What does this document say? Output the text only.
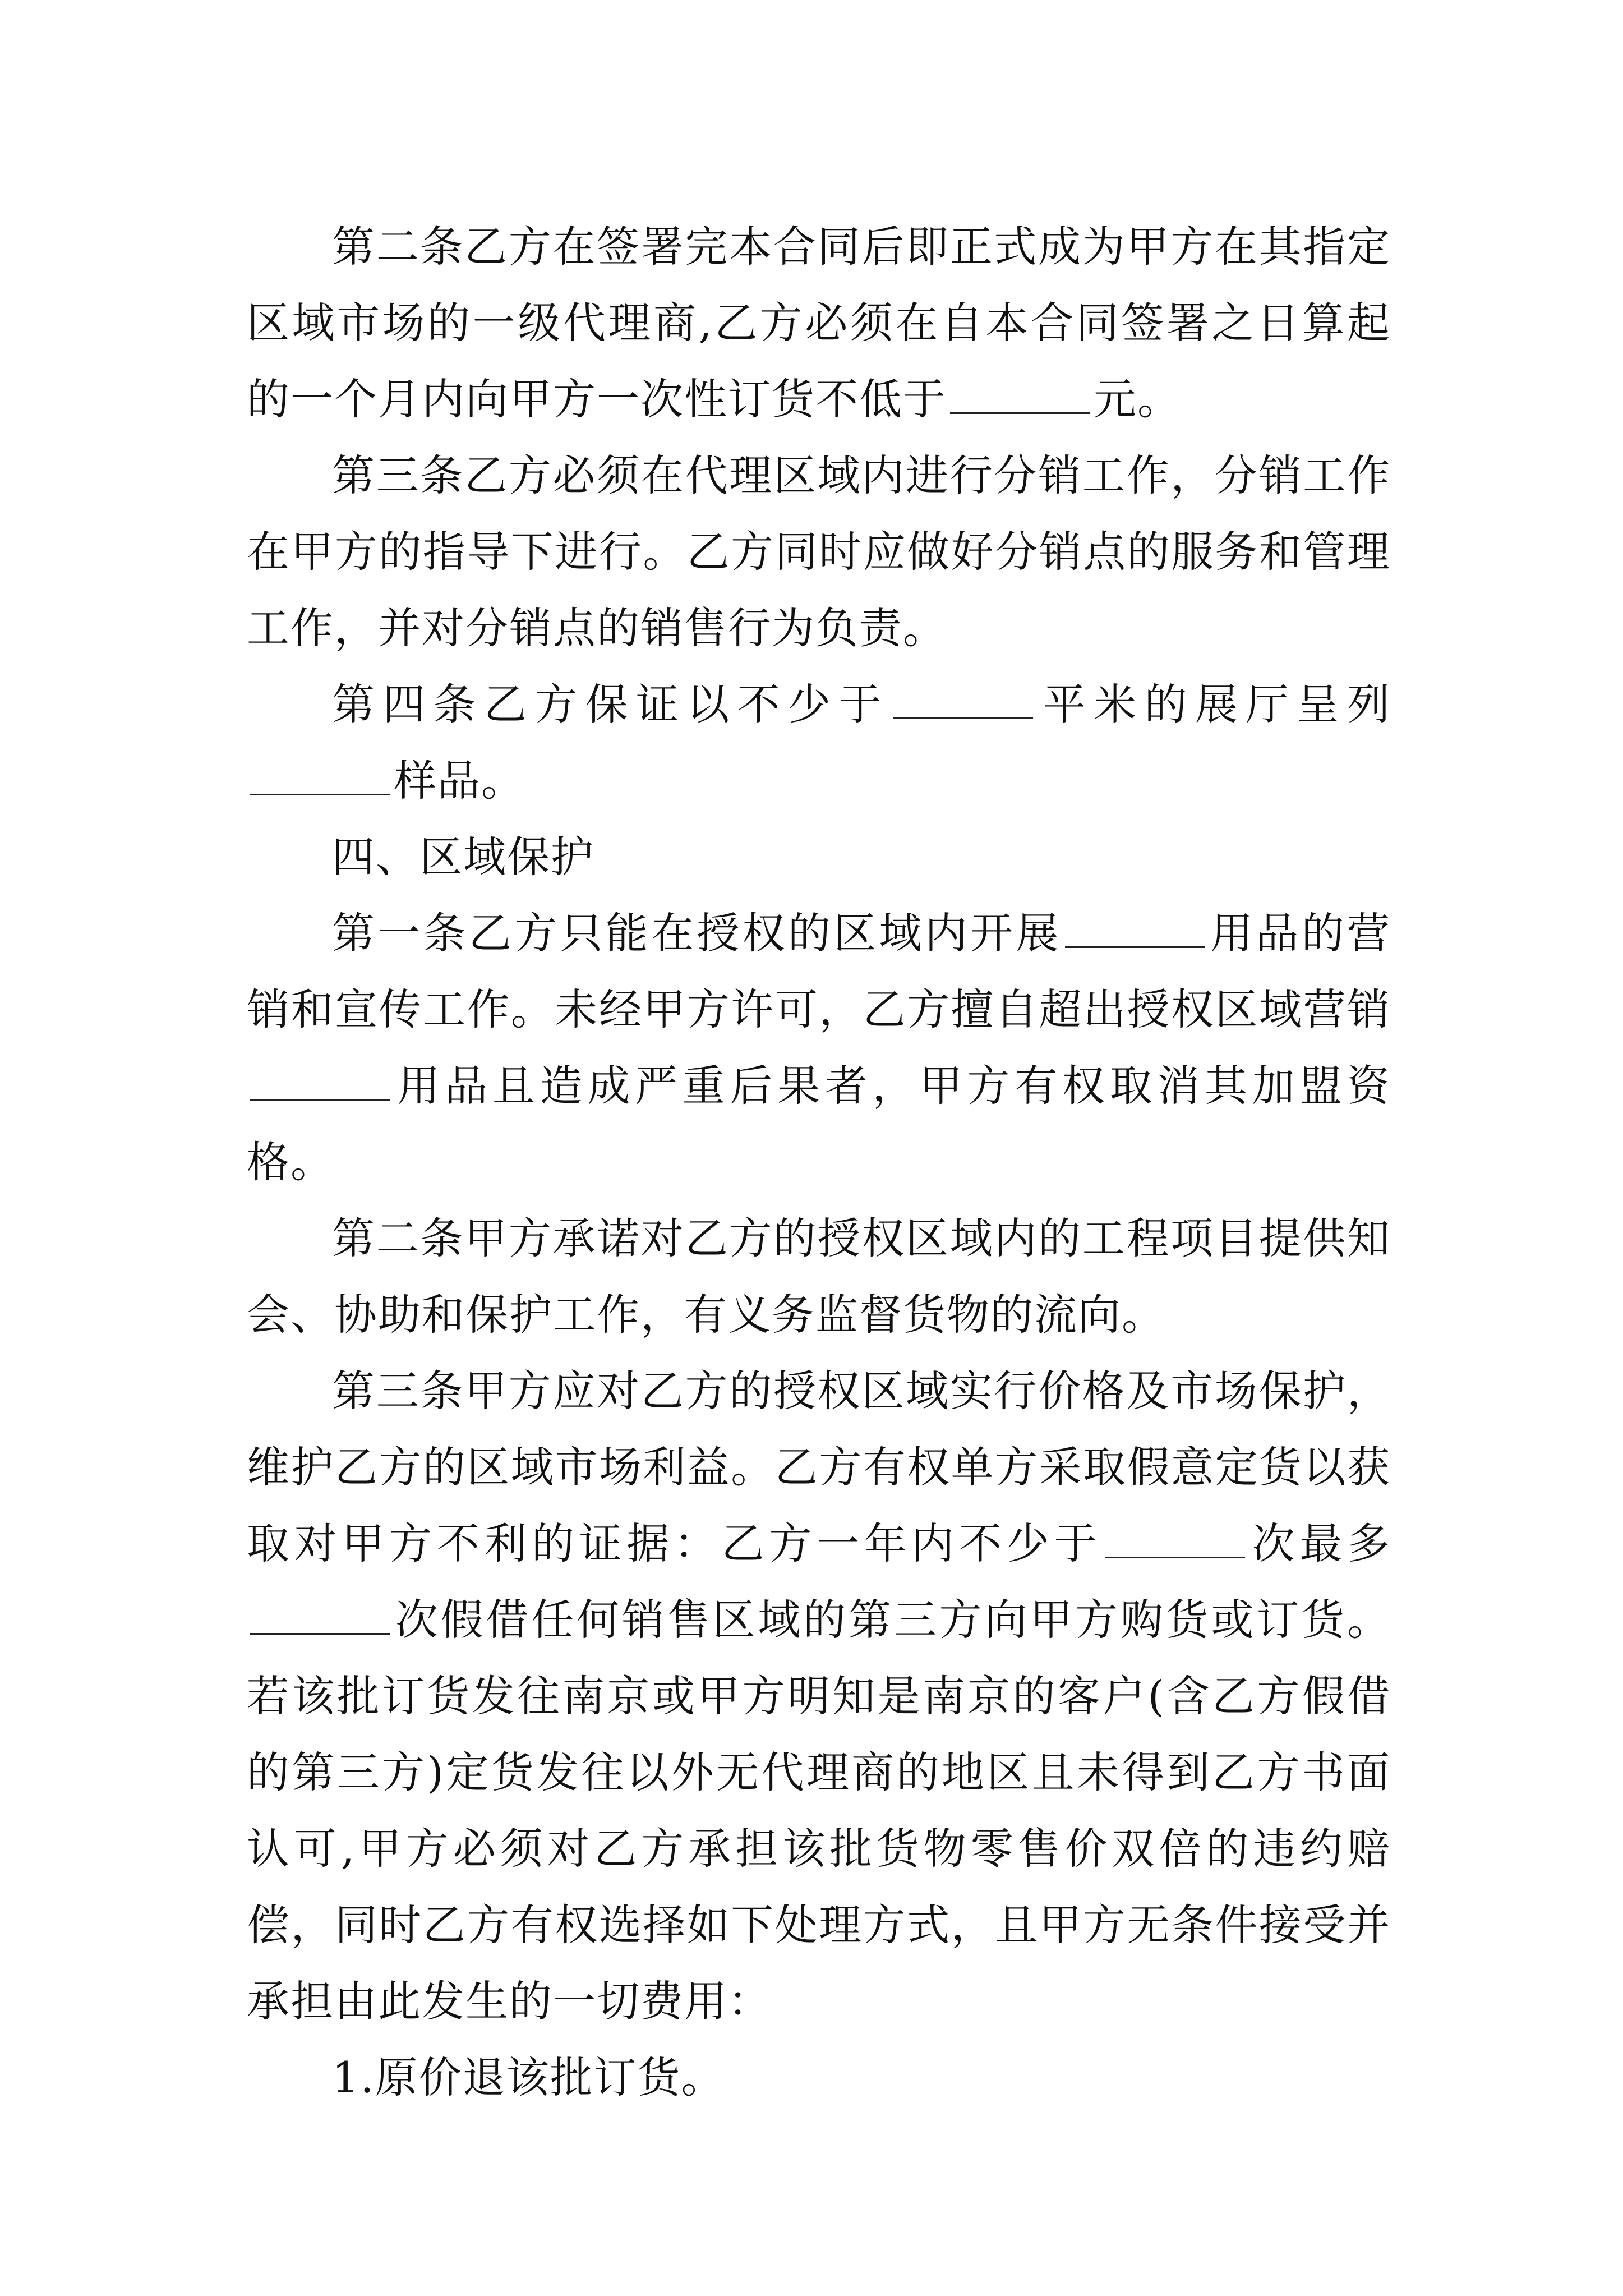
第二条乙方在签署完本合同后即正式成为甲方在其指定区域市场的一级代理商,乙方必须在自本合同签署之日算起的一个月内向甲方一次性订货不低于	元。

第三条乙方必须在代理区域内进行分销工作，分销工作在甲方的指导下进行。乙方同时应做好分销点的服务和管理工作，并对分销点的销售行为负责。

第四条乙方保证以不少于	平米的展厅呈列样品。

四、区域保护

第一条乙方只能在授权的区域内开展	用品的营销和宣传工作。未经甲方许可，乙方擅自超出授权区域营销用品且造成严重后果者，甲方有权取消其加盟资格。

第二条甲方承诺对乙方的授权区域内的工程项目提供知会、协助和保护工作，有义务监督货物的流向。

第三条甲方应对乙方的授权区域实行价格及市场保护，维护乙方的区域市场利益。乙方有权单方采取假意定货以获取对甲方不利的证据：乙方一年内不少于	次最多次假借任何销售区域的第三方向甲方购货或订货。若该批订货发往南京或甲方明知是南京的客户(含乙方假借的第三方)定货发往以外无代理商的地区且未得到乙方书面认可,甲方必须对乙方承担该批货物零售价双倍的违约赔偿，同时乙方有权选择如下处理方式，且甲方无条件接受并承担由此发生的一切费用：

1.原价退该批订货。
